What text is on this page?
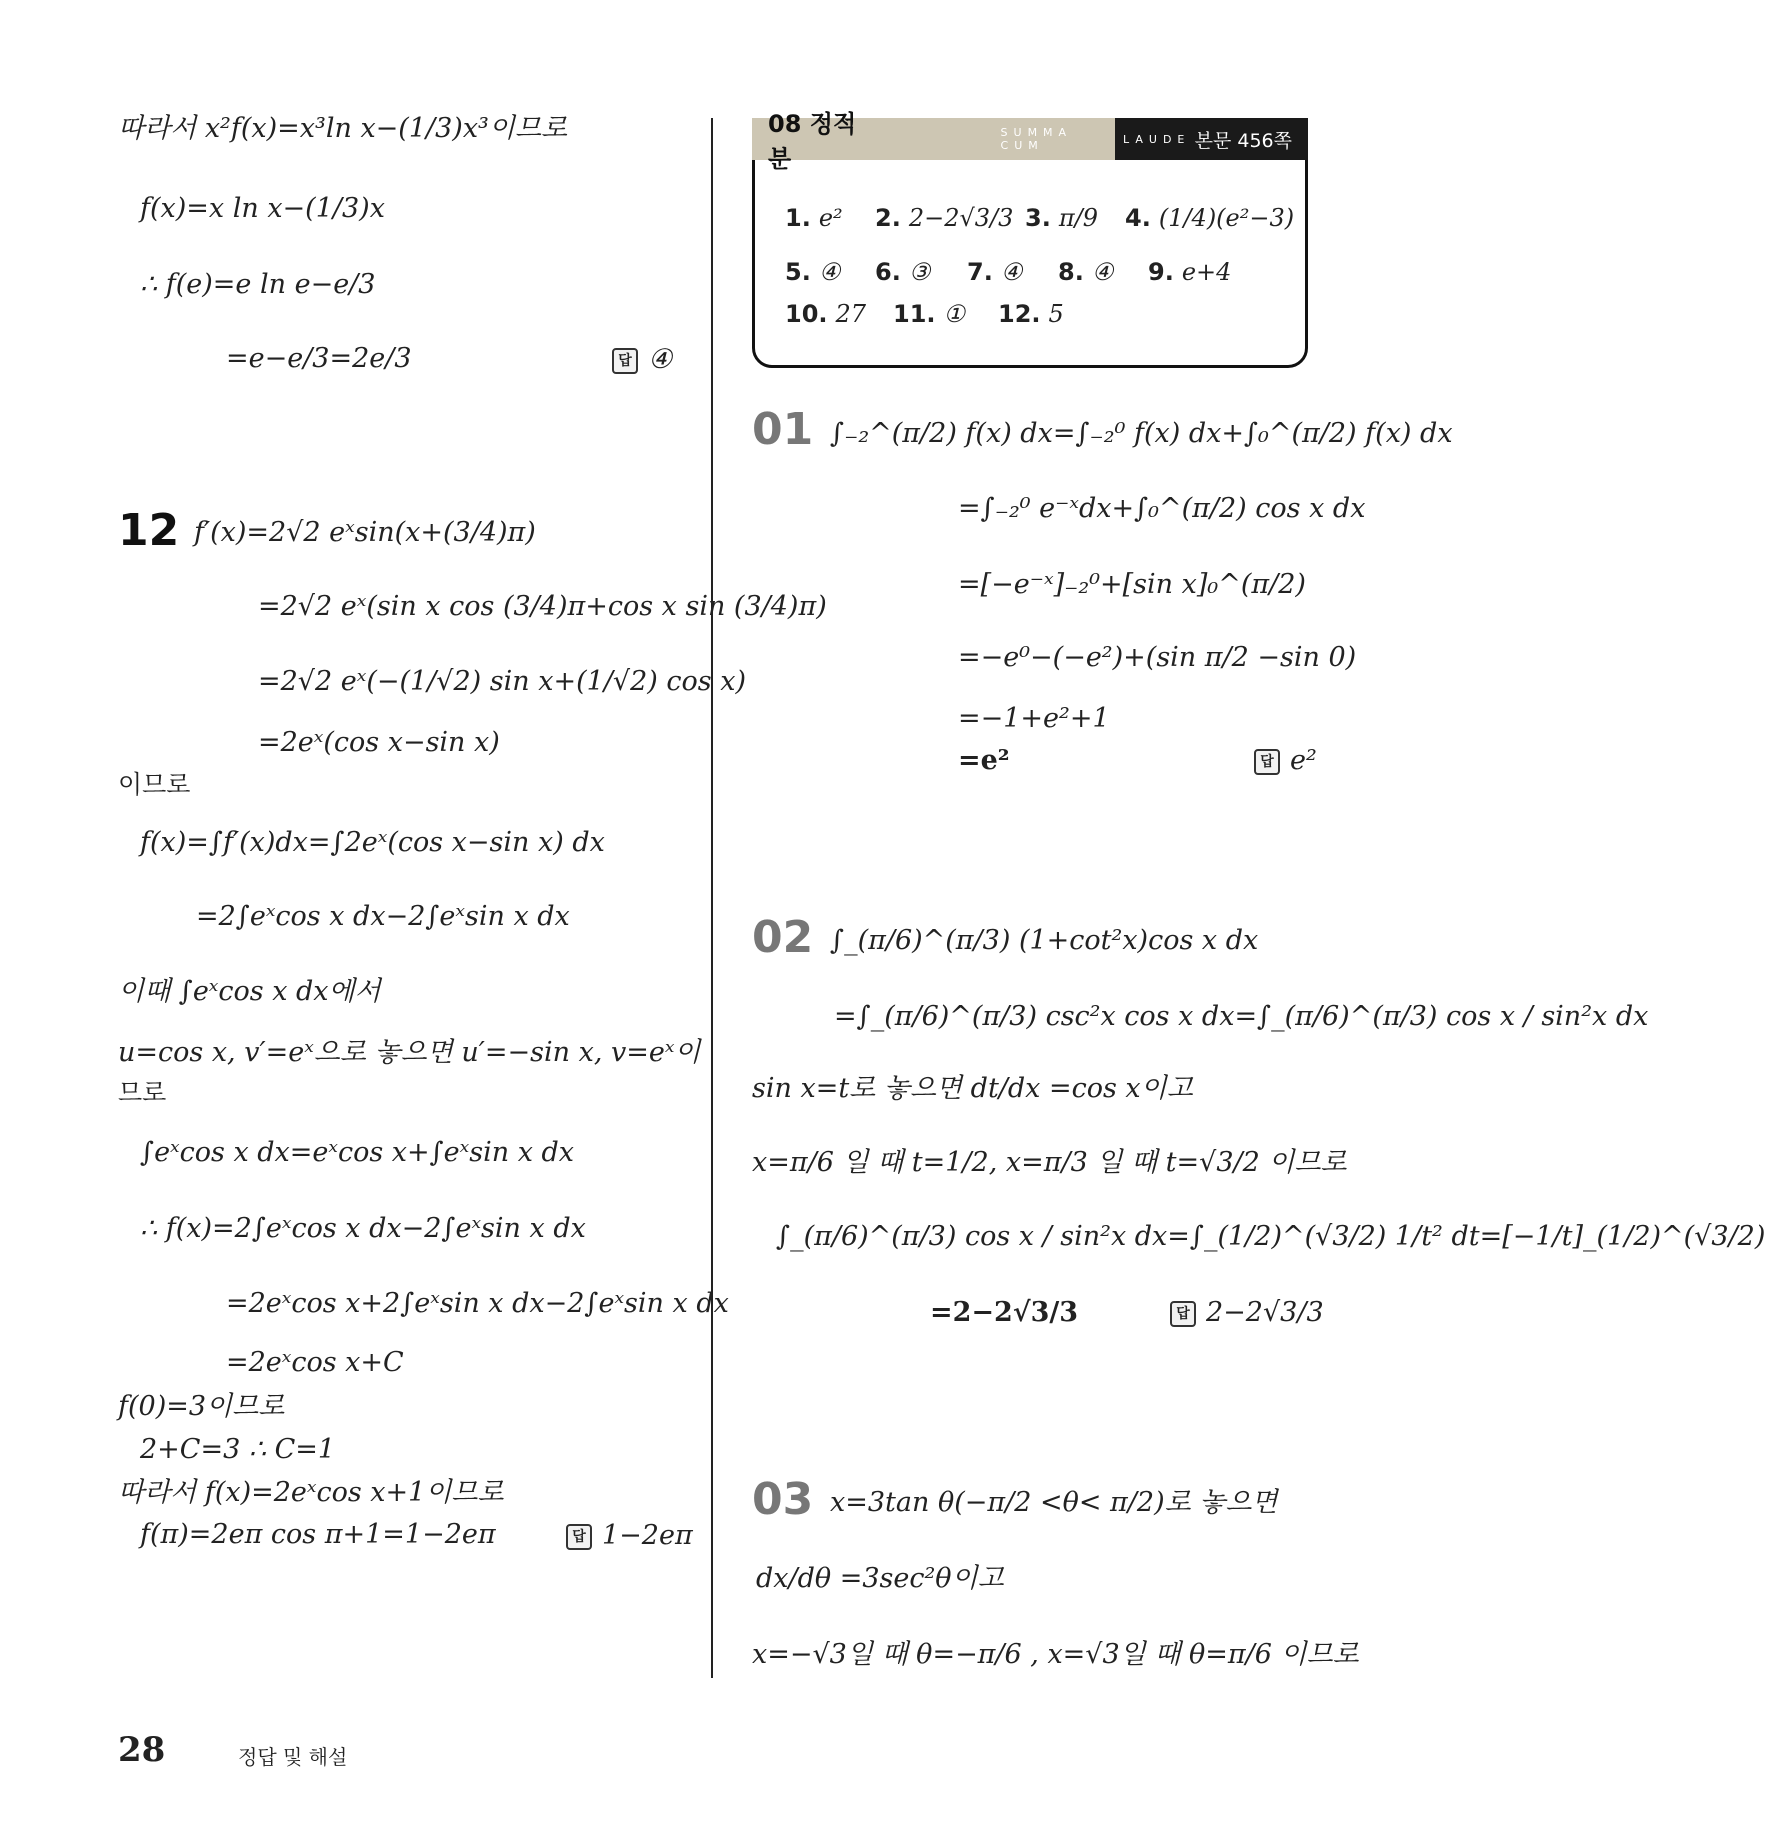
따라서 x²f(x)=x³ln x−(1/3)x³이므로
f(x)=x ln x−(1/3)x
∴ f(e)=e ln e−e/3
=e−e/3=2e/3	답 ④
12 f′(x)=2√2 eˣsin(x+(3/4)π)
=2√2 eˣ(sin x cos (3/4)π+cos x sin (3/4)π)
=2√2 eˣ(−(1/√2) sin x+(1/√2) cos x)
=2eˣ(cos x−sin x)
이므로
f(x)=∫f′(x)dx=∫2eˣ(cos x−sin x) dx
=2∫eˣcos x dx−2∫eˣsin x dx
이때 ∫eˣcos x dx에서
u=cos x, v′=eˣ으로 놓으면 u′=−sin x, v=eˣ이
므로
∫eˣcos x dx=eˣcos x+∫eˣsin x dx
∴ f(x)=2∫eˣcos x dx−2∫eˣsin x dx
=2eˣcos x+2∫eˣsin x dx−2∫eˣsin x dx
=2eˣcos x+C
f(0)=3이므로
2+C=3 ∴ C=1
따라서 f(x)=2eˣcos x+1이므로
f(π)=2eπ cos π+1=1−2eπ	답 1−2eπ
08 정적분
SUMMA CUM	LAUDE 본문 456쪽
1. e² 2. 2−2√3/3 3. π/9 4. (1/4)(e²−3)
5. ④ 6. ③ 7. ④ 8. ④ 9. e+4
10. 27 11. ① 12. 5
01 ∫₋₂^(π/2) f(x) dx=∫₋₂⁰ f(x) dx+∫₀^(π/2) f(x) dx
=∫₋₂⁰ e⁻ˣdx+∫₀^(π/2) cos x dx
=[−e⁻ˣ]₋₂⁰+[sin x]₀^(π/2)
=−e⁰−(−e²)+(sin π/2 −sin 0)
=−1+e²+1
=e²	답 e²
02 ∫_(π/6)^(π/3) (1+cot²x)cos x dx
=∫_(π/6)^(π/3) csc²x cos x dx=∫_(π/6)^(π/3) cos x / sin²x dx
sin x=t로 놓으면 dt/dx =cos x이고
x=π/6 일 때 t=1/2, x=π/3 일 때 t=√3/2 이므로
∫_(π/6)^(π/3) cos x / sin²x dx=∫_(1/2)^(√3/2) 1/t² dt=[−1/t]_(1/2)^(√3/2)
=2−2√3/3	답 2−2√3/3
03 x=3tan θ(−π/2 <θ< π/2)로 놓으면
dx/dθ =3sec²θ이고
x=−√3일 때 θ=−π/6 , x=√3일 때 θ=π/6 이므로
28	정답 및 해설
